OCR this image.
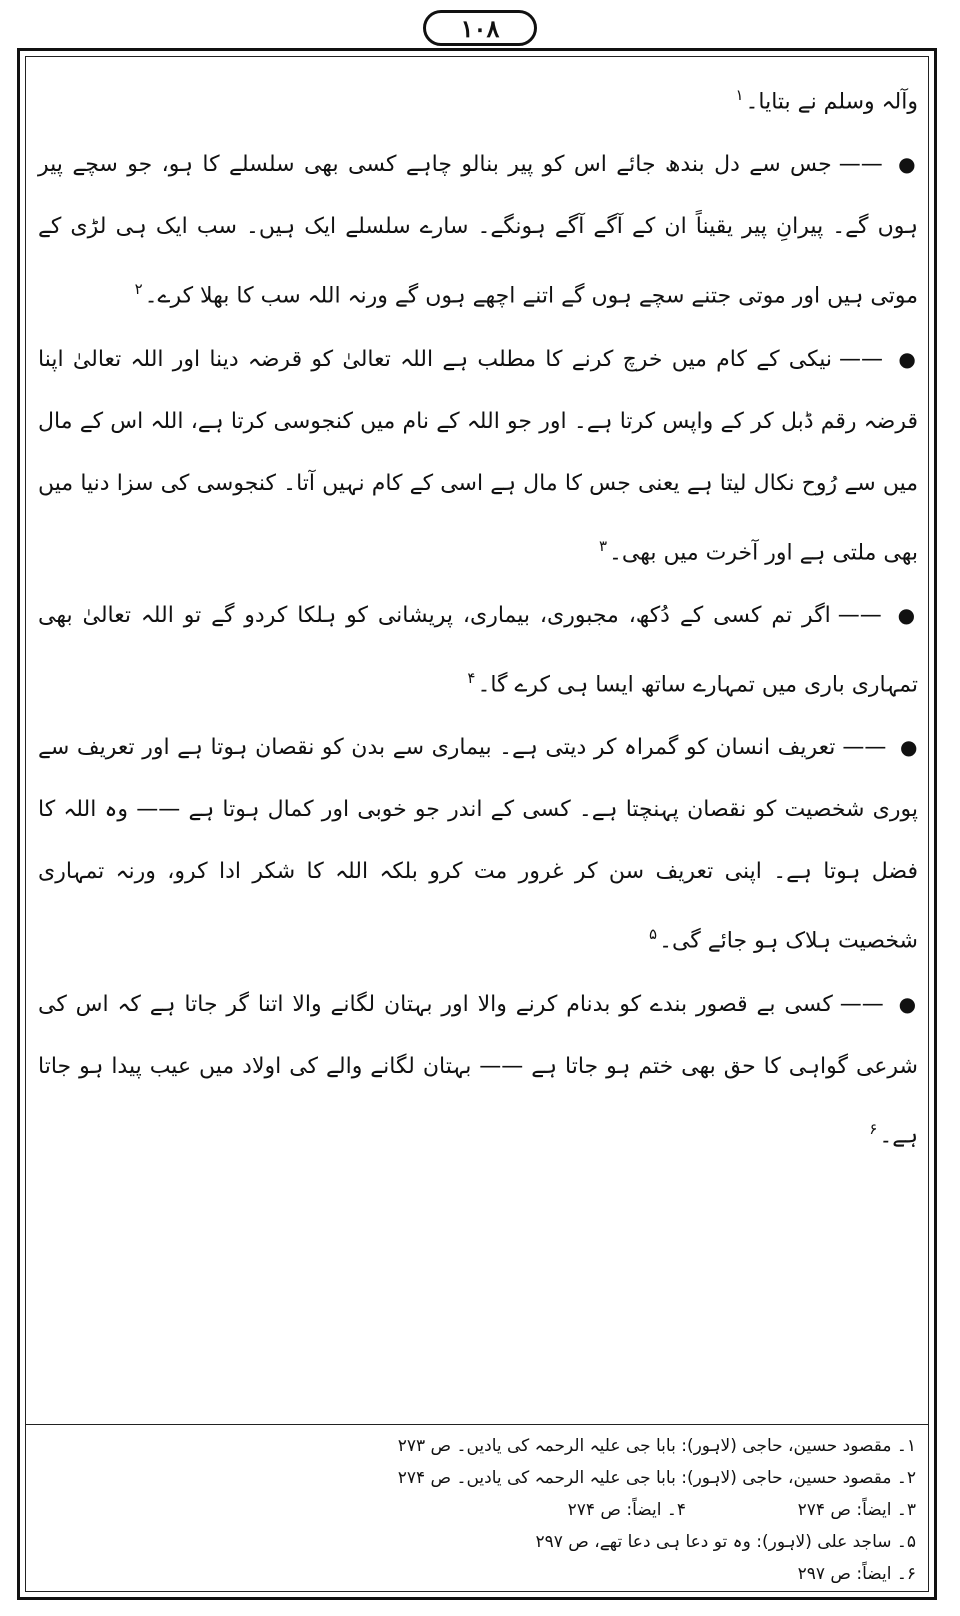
۱۰۸

وآلہ وسلم نے بتایا۔$^۱$

● —— جس سے دل بندھ جائے اس کو پیر بنالو چاہے کسی بھی سلسلے کا ہو، جو سچے پیر ہوں گے۔ پیرانِ پیر یقیناً ان کے آگے آگے ہونگے۔ سارے سلسلے ایک ہیں۔ سب ایک ہی لڑی کے موتی ہیں اور موتی جتنے سچے ہوں گے اتنے اچھے ہوں گے ورنہ اللہ سب کا بھلا کرے۔$^۲$

● —— نیکی کے کام میں خرچ کرنے کا مطلب ہے اللہ تعالیٰ کو قرضہ دینا اور اللہ تعالیٰ اپنا قرضہ رقم ڈبل کر کے واپس کرتا ہے۔ اور جو اللہ کے نام میں کنجوسی کرتا ہے، اللہ اس کے مال میں سے رُوح نکال لیتا ہے یعنی جس کا مال ہے اسی کے کام نہیں آتا۔ کنجوسی کی سزا دنیا میں بھی ملتی ہے اور آخرت میں بھی۔$^۳$

● —— اگر تم کسی کے دُکھ، مجبوری، بیماری، پریشانی کو ہلکا کردو گے تو اللہ تعالیٰ بھی تمہاری باری میں تمہارے ساتھ ایسا ہی کرے گا۔$^۴$

● —— تعریف انسان کو گمراہ کر دیتی ہے۔ بیماری سے بدن کو نقصان ہوتا ہے اور تعریف سے پوری شخصیت کو نقصان پہنچتا ہے۔ کسی کے اندر جو خوبی اور کمال ہوتا ہے —— وہ اللہ کا فضل ہوتا ہے۔ اپنی تعریف سن کر غرور مت کرو بلکہ اللہ کا شکر ادا کرو، ورنہ تمہاری شخصیت ہلاک ہو جائے گی۔$^۵$

● —— کسی بے قصور بندے کو بدنام کرنے والا اور بہتان لگانے والا اتنا گر جاتا ہے کہ اس کی شرعی گواہی کا حق بھی ختم ہو جاتا ہے —— بہتان لگانے والے کی اولاد میں عیب پیدا ہو جاتا ہے۔$^۶$

۱۔ مقصود حسین، حاجی (لاہور): بابا جی علیہ الرحمہ کی یادیں۔ ص ۲۷۳
۲۔ مقصود حسین، حاجی (لاہور): بابا جی علیہ الرحمہ کی یادیں۔ ص ۲۷۴
۳۔ ایضاً: ص ۲۷۴
۴۔ ایضاً: ص ۲۷۴
۵۔ ساجد علی (لاہور): وہ تو دعا ہی دعا تھے، ص ۲۹۷
۶۔ ایضاً: ص ۲۹۷
